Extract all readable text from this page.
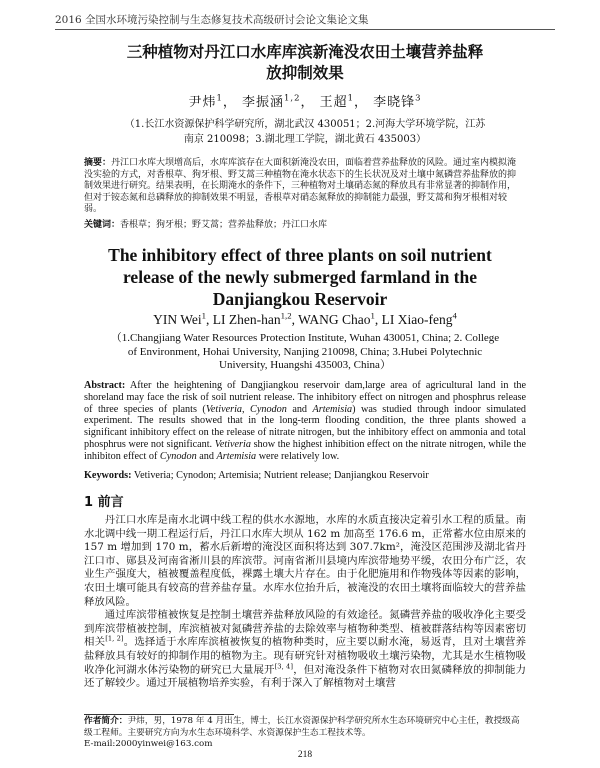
2016 全国水环境污染控制与生态修复技术高级研讨会论文集论文集
三种植物对丹江口水库库滨新淹没农田土壤营养盐释
放抑制效果
尹炜$^1$， 李振涵$^{1,2}$， 王超$^1$， 李晓锋$^3$
（1.长江水资源保护科学研究所，湖北武汉 430051；2.河海大学环境学院，江苏
南京 210098；3.湖北理工学院，湖北黄石 435003）
摘要：丹江口水库大坝增高后，水库库滨存在大面积新淹没农田，面临着营养盐释放的风险。通过室内模拟淹没实验的方式，对香根草、狗牙根、野艾蒿三种植物在淹水状态下的生长状况及对土壤中氮磷营养盐释放的抑制效果进行研究。结果表明，在长期淹水的条件下，三种植物对土壤硝态氮的释放具有非常显著的抑制作用，但对于铵态氮和总磷释放的抑制效果不明显，香根草对硝态氮释放的抑制能力最强，野艾蒿和狗牙根相对较弱。
关键词：香根草；狗牙根；野艾蒿；营养盐释放；丹江口水库
The inhibitory effect of three plants on soil nutrient
release of the newly submerged farmland in the
Danjiangkou Reservoir
YIN Wei$^1$, LI Zhen-han$^{1,2}$, WANG Chao$^1$, LI Xiao-feng$^4$
（1.Changjiang Water Resources Protection Institute, Wuhan 430051, China; 2. College
of Environment, Hohai University, Nanjing 210098, China; 3.Hubei Polytechnic
University, Huangshi 435003, China）
Abstract: After the heightening of Dangjiangkou reservoir dam,large area of agricultural land in the shoreland may face the risk of soil nutrient release. The inhibitory effect on nitrogen and phosphrus release of three species of plants (Vetiveria, Cynodon and Artemisia) was studied through indoor simulated experiment. The results showed that in the long-term flooding condition, the three plants showed a significant inhibitory effect on the release of nitrate nitrogen, but the inhibitory effect on ammonia and total phosphrus were not significant. Vetiveria show the highest inhibition effect on the nitrate nitrogen, while the inhibiton effect of Cynodon and Artemisia were relatively low.
Keywords: Vetiveria; Cynodon; Artemisia; Nutrient release; Danjiangkou Reservoir
1 前言

丹江口水库是南水北调中线工程的供水水源地，水库的水质直接决定着引水工程的质量。南水北调中线一期工程运行后，丹江口水库大坝从 162 m 加高至 176.6 m，正常蓄水位由原来的 157 m 增加到 170 m，蓄水后新增的淹没区面积将达到 307.7km²，淹没区范围涉及湖北省丹江口市、郧县及河南省淅川县的库滨带。河南省淅川县境内库滨带地势平缓，农田分布广泛，农业生产强度大，植被覆盖程度低，裸露土壤大片存在。由于化肥施用和作物残体等因素的影响，农田土壤可能具有较高的营养盐存量。水库水位抬升后，被淹没的农田土壤将面临较大的营养盐释放风险。

通过库滨带植被恢复是控制土壤营养盐释放风险的有效途径。氮磷营养盐的吸收净化主要受到库滨带植被控制，库滨植被对氮磷营养盐的去除效率与植物种类型、植被群落结构等因素密切相关[1, 2]。选择适于水库库滨植被恢复的植物种类时，应主要以耐水淹，易返青，且对土壤营养盐释放具有较好的抑制作用的植物为主。现有研究针对植物吸收土壤污染物，尤其是水生植物吸收净化河湖水体污染物的研究已大量展开[3, 4]，但对淹没条件下植物对农田氮磷释放的抑制能力还了解较少。通过开展植物培养实验，有利于深入了解植物对土壤营

作者简介：尹炜，男，1978 年 4 月出生，博士，长江水资源保护科学研究所水生态环境研究中心主任，教授级高级工程师。主要研究方向为水生态环境科学、水资源保护生态工程技术等。
E-mail:2000yinwei@163.com
218
